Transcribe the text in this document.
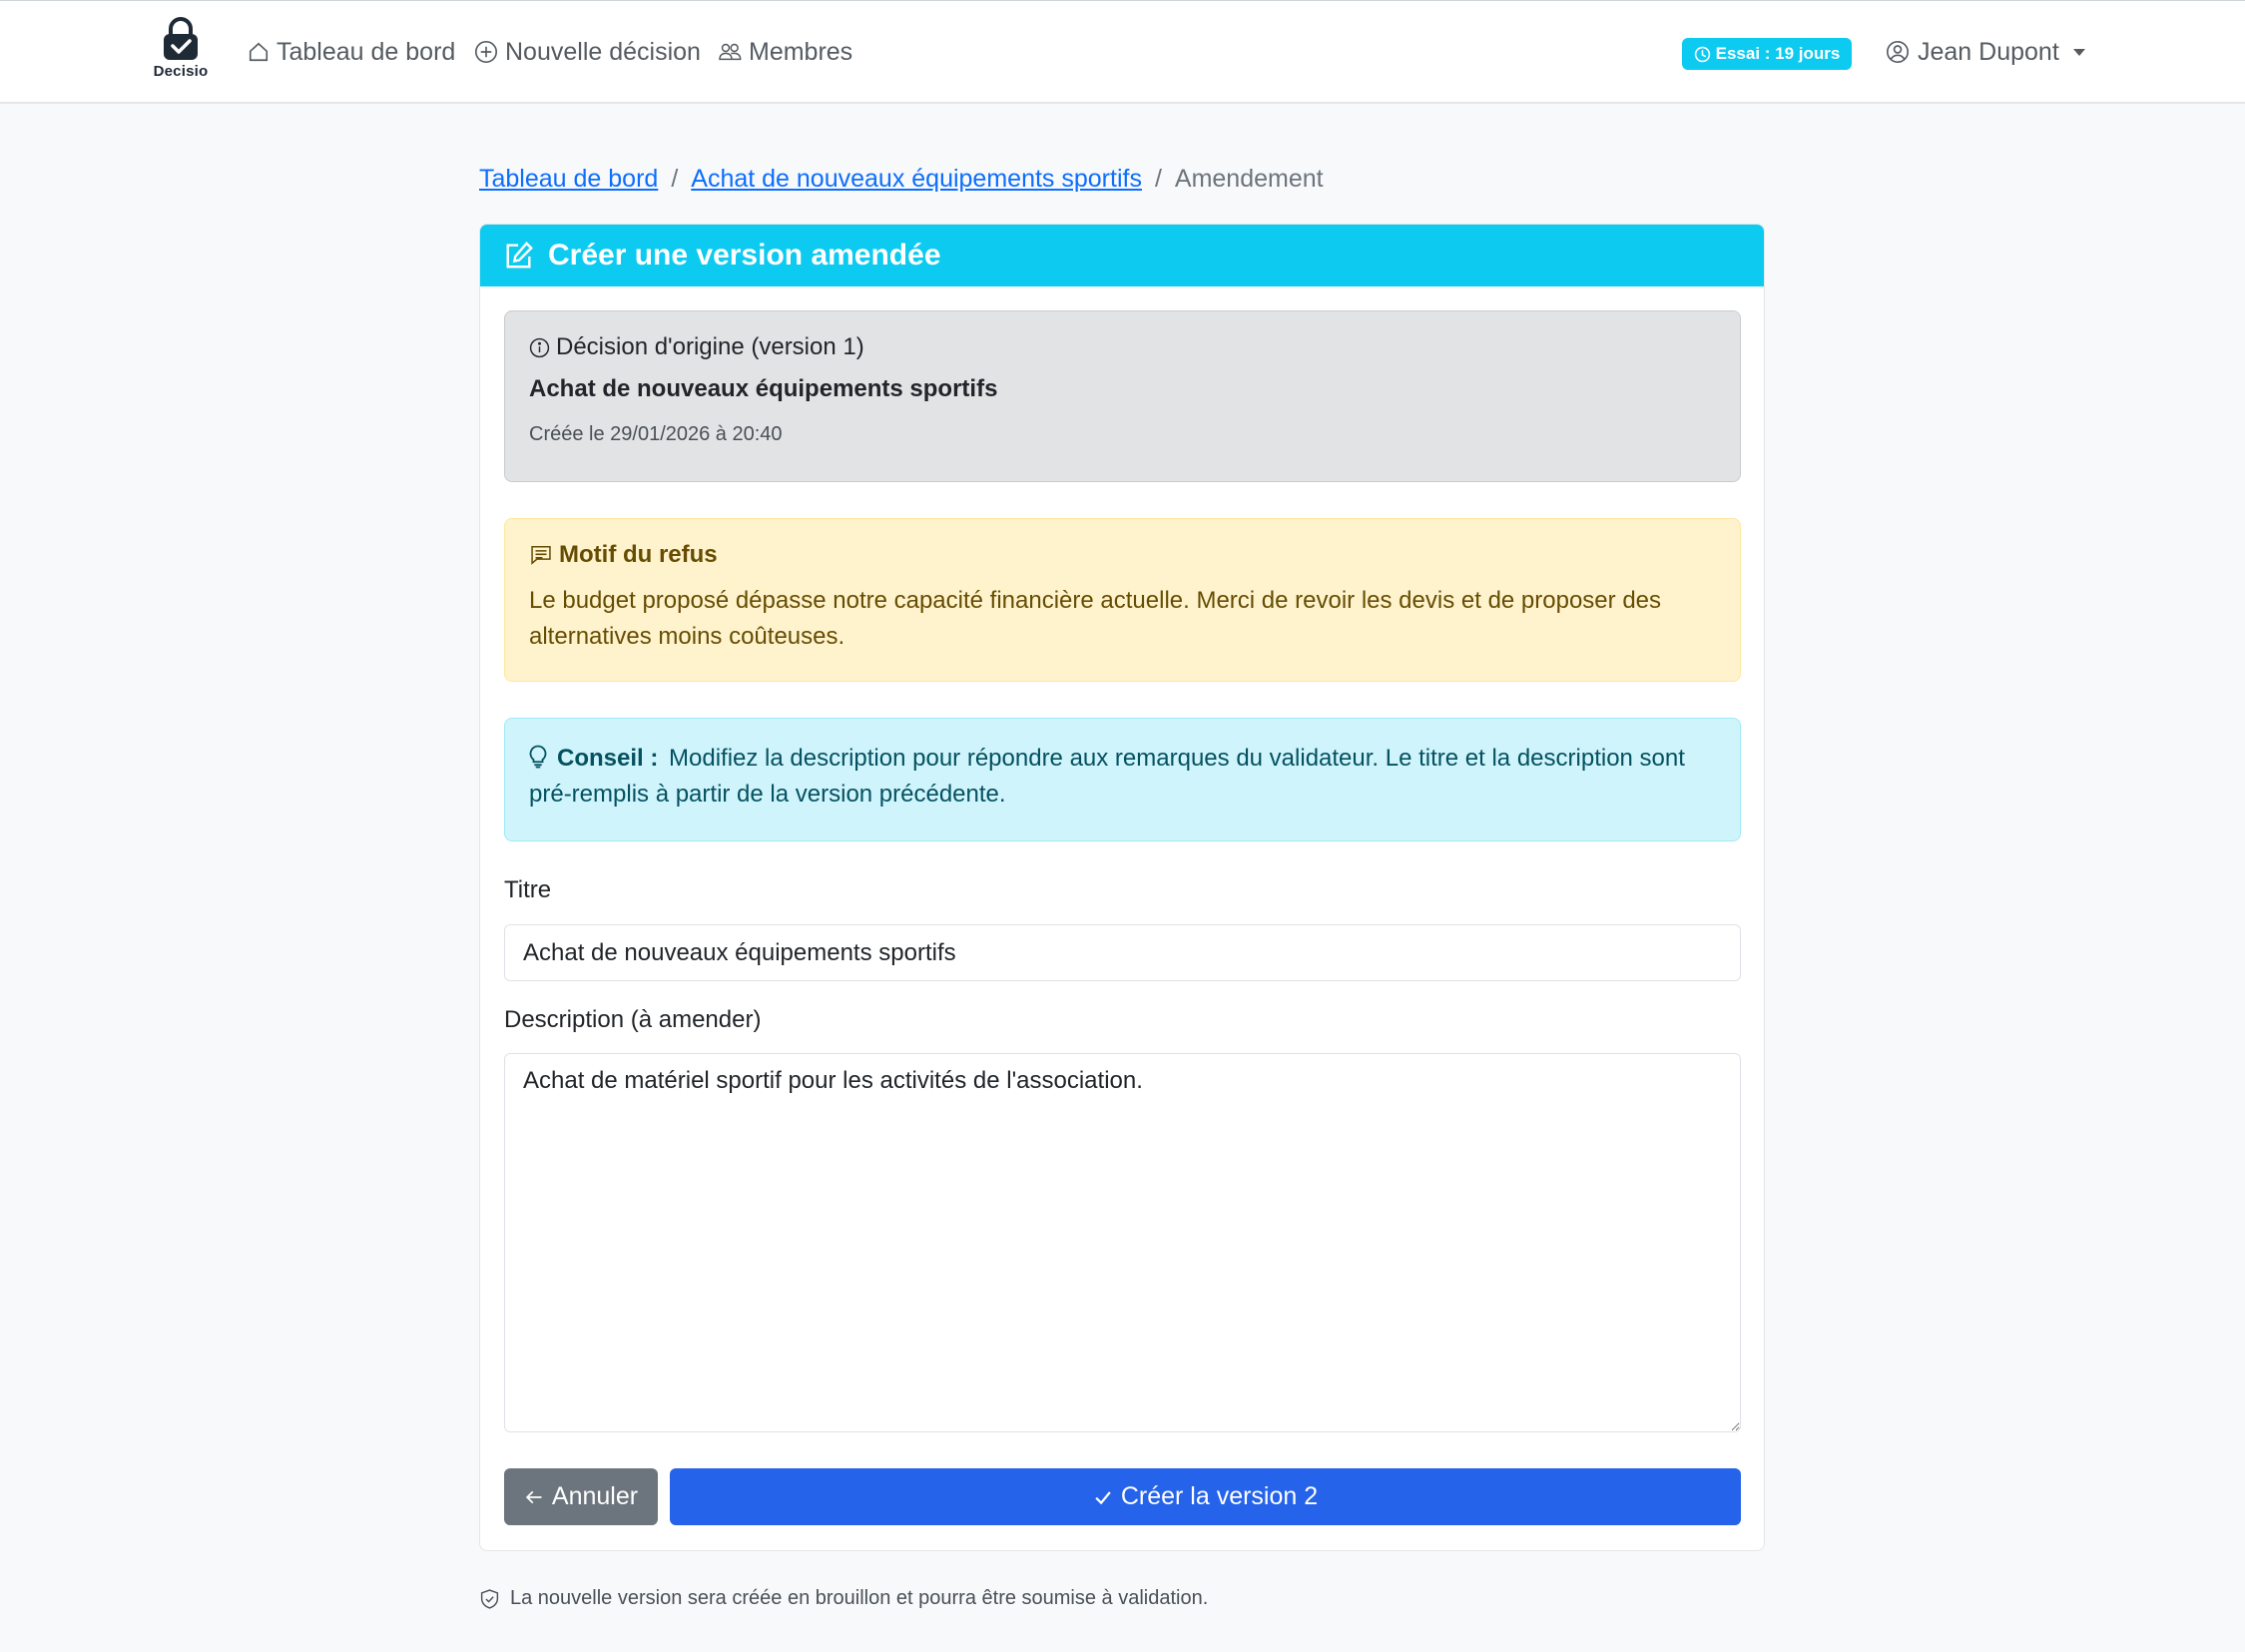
Decisio
Tableau de bord Nouvelle décision Membres	Essai : 19 jours	Jean Dupont
Tableau de bord / Achat de nouveaux équipements sportifs / Amendement
Créer une version amendée
Décision d'origine (version 1)
Achat de nouveaux équipements sportifs
Créée le 29/01/2026 à 20:40
Motif du refus
Le budget proposé dépasse notre capacité financière actuelle. Merci de revoir les devis et de proposer des alternatives moins coûteuses.
Conseil : Modifiez la description pour répondre aux remarques du validateur. Le titre et la description sont pré-remplis à partir de la version précédente.
Titre
Achat de nouveaux équipements sportifs
Description (à amender)
Achat de matériel sportif pour les activités de l'association.
Annuler	Créer la version 2
La nouvelle version sera créée en brouillon et pourra être soumise à validation.
